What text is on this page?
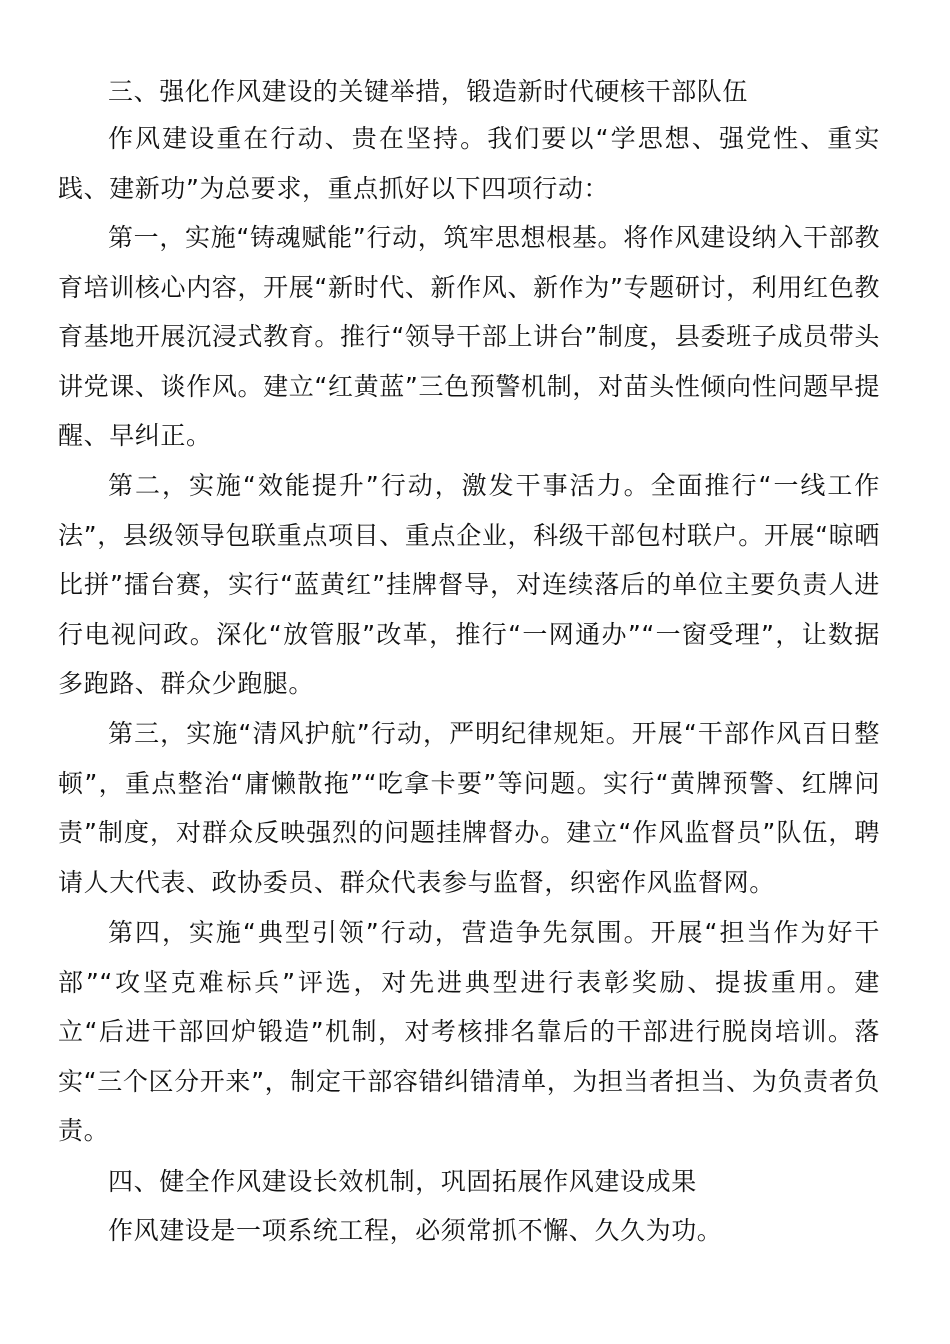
三、强化作风建设的关键举措，锻造新时代硬核干部队伍

作风建设重在行动、贵在坚持。我们要以“学思想、强党性、重实践、建新功”为总要求，重点抓好以下四项行动：

第一，实施“铸魂赋能”行动，筑牢思想根基。将作风建设纳入干部教育培训核心内容，开展“新时代、新作风、新作为”专题研讨，利用红色教育基地开展沉浸式教育。推行“领导干部上讲台”制度，县委班子成员带头讲党课、谈作风。建立“红黄蓝”三色预警机制，对苗头性倾向性问题早提醒、早纠正。

第二，实施“效能提升”行动，激发干事活力。全面推行“一线工作法”，县级领导包联重点项目、重点企业，科级干部包村联户。开展“晾晒比拼”擂台赛，实行“蓝黄红”挂牌督导，对连续落后的单位主要负责人进行电视问政。深化“放管服”改革，推行“一网通办”“一窗受理”，让数据多跑路、群众少跑腿。

第三，实施“清风护航”行动，严明纪律规矩。开展“干部作风百日整顿”，重点整治“庸懒散拖”“吃拿卡要”等问题。实行“黄牌预警、红牌问责”制度，对群众反映强烈的问题挂牌督办。建立“作风监督员”队伍，聘请人大代表、政协委员、群众代表参与监督，织密作风监督网。

第四，实施“典型引领”行动，营造争先氛围。开展“担当作为好干部”“攻坚克难标兵”评选，对先进典型进行表彰奖励、提拔重用。建立“后进干部回炉锻造”机制，对考核排名靠后的干部进行脱岗培训。落实“三个区分开来”，制定干部容错纠错清单，为担当者担当、为负责者负责。

四、健全作风建设长效机制，巩固拓展作风建设成果
作风建设是一项系统工程，必须常抓不懈、久久为功。
